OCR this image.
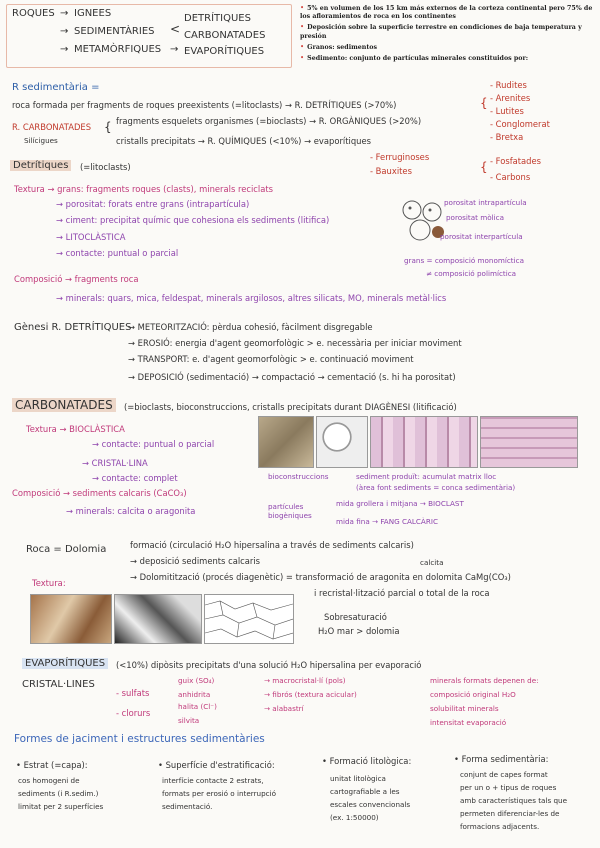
ROQUES → IGNEES
→ SEDIMENTÀRIES
→ METAMÒRFIQUES
<
DETRÍTIQUES
CARBONATADES
→ EVAPORÍTIQUES
• 5% en volumen de los 15 km más externos de la corteza continental pero 75% de los afloramientos de roca en los continentes
• Deposición sobre la superficie terrestre en condiciones de baja temperatura y presión
• Granos: sedimentos
• Sedimento: conjunto de partículas minerales constituidos por:
R sedimentària =
roca formada per fragments de roques preexistents (=litoclasts) → R. DETRÍTIQUES (>70%)
R. CARBONATADES
Silícigues
{ fragments esquelets organismes (=bioclasts) → R. ORGÀNIQUES (>20%)
cristalls precipitats → R. QUÍMIQUES (<10%) → evaporítiques
- Ferruginoses
- Bauxites
{
- Rudites
- Arenites
- Lutites
- Conglomerat
- Bretxa
{ - Fosfatades
- Carbons
Detrítiques	(=litoclasts)
Textura → grans: fragments roques (clasts), minerals reciclats
→ porositat: forats entre grans (intrapartícula)
→ ciment: precipitat químic que cohesiona els sediments (litifica)
→ LITOCLÀSTICA
→ contacte: puntual o parcial
porositat intrapartícula
porositat mòlica
porositat interpartícula
grans = composició monomíctica
≠ composició polimíctica
Composició → fragments roca
→ minerals: quars, mica, feldespat, minerals argilosos, altres silicats, MO, minerals metàl·lics
Gènesi R. DETRÍTIQUES
→ METEORITZACIÓ: pèrdua cohesió, fàcilment disgregable
→ EROSIÓ: energia d'agent geomorfològic > e. necessària per iniciar moviment
→ TRANSPORT: e. d'agent geomorfològic > e. continuació moviment
→ DEPOSICIÓ (sedimentació) → compactació → cementació (s. hi ha porositat)
CARBONATADES	(=bioclasts, bioconstruccions, cristalls precipitats durant DIAGÈNESI (litificació)
Textura → BIOCLÀSTICA
→ contacte: puntual o parcial
→ CRISTAL·LINA
→ contacte: complet
Composició → sediments calcaris (CaCO₃)
→ minerals: calcita o aragonita
bioconstruccions
partícules biogèniques
sediment produït: acumulat matrix lloc
(àrea font sediments = conca sedimentària)
mida grollera i mitjana → BIOCLAST
mida fina → FANG CALCÀRIC
Roca = Dolomia	formació (circulació H₂O hipersalina a través de sediments calcaris)
→ deposició sediments calcaris
→ Dolomitització (procés diagenètic) = transformació de aragonita en dolomita CaMg(CO₃)
calcita
i recristal·lització parcial o total de la roca
Textura:
Sobresaturació
H₂O mar > dolomia
EVAPORÍTIQUES	(<10%) dipòsits precipitats d'una solució H₂O hipersalina per evaporació
CRISTAL·LINES
- sulfats
guix (SO₄)
anhidrita
- clorurs
halita (Cl⁻)
silvita
→ macrocristal·lí (pols)
→ fibrós (textura acicular)
→ alabastrí
minerals formats depenen de:
composició original H₂O
solubilitat minerals
intensitat evaporació
Formes de jaciment i estructures sedimentàries
• Estrat (=capa):
cos homogeni de
sediments (i R.sedim.)
limitat per 2 superfícies
• Superfície d'estratificació:
interfície contacte 2 estrats,
formats per erosió o interrupció
sedimentació.
• Formació litològica:
unitat litològica
cartografiable a les
escales convencionals
(ex. 1:50000)
• Forma sedimentària:
conjunt de capes format
per un o + tipus de roques
amb característiques tals que
permeten diferenciar-les de
formacions adjacents.
